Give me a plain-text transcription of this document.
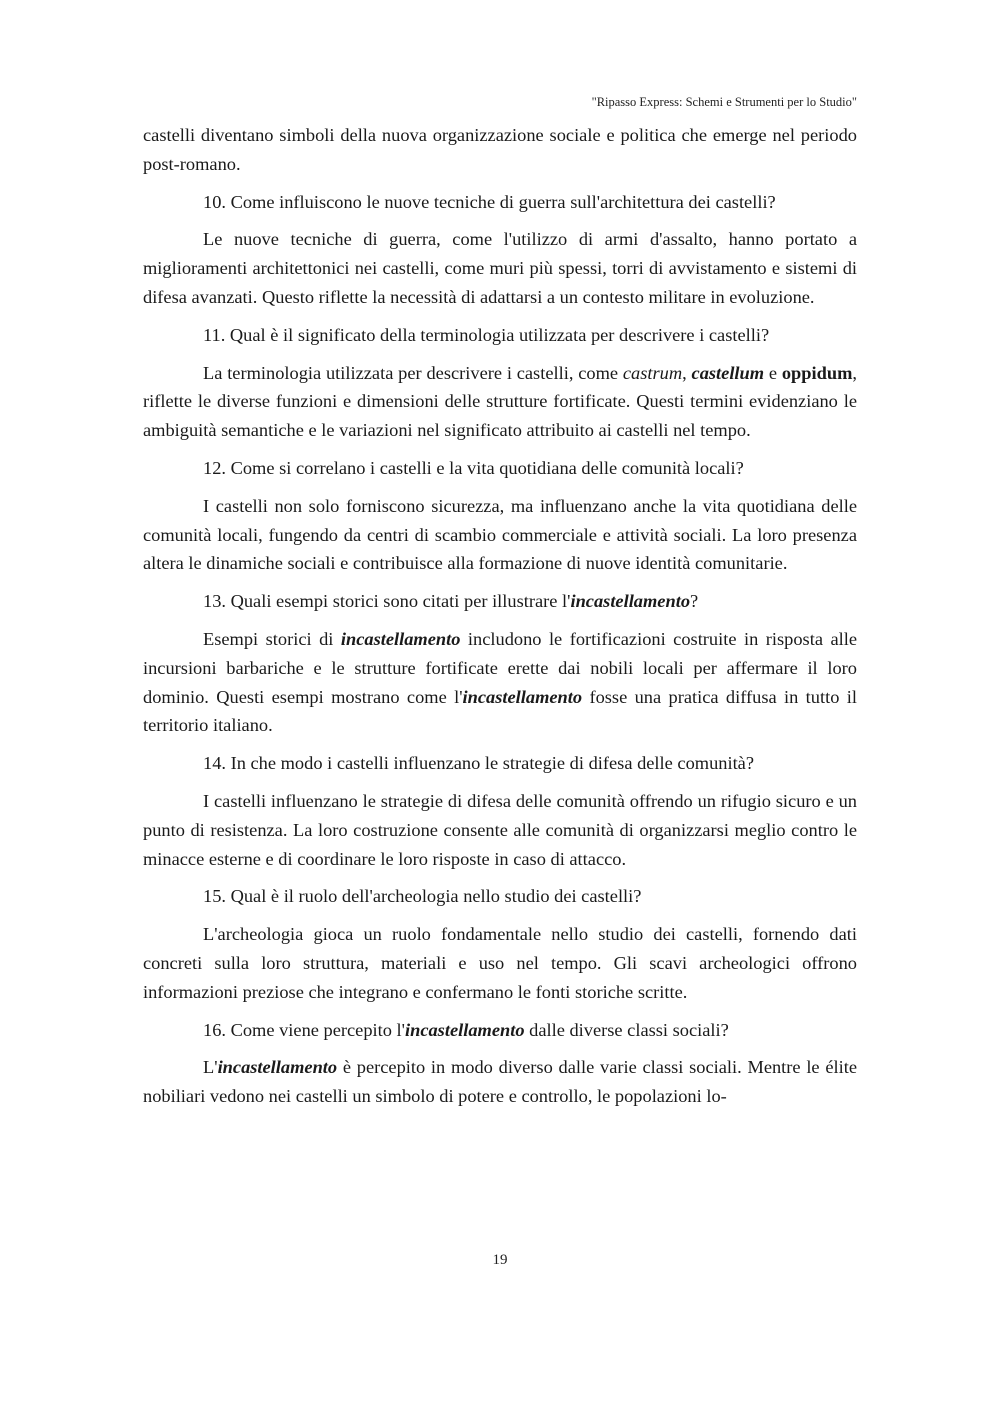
"Ripasso Express: Schemi e Strumenti per lo Studio"

castelli diventano simboli della nuova organizzazione sociale e politica che emerge nel periodo post-romano.

10. Come influiscono le nuove tecniche di guerra sull'architettura dei castelli?

Le nuove tecniche di guerra, come l'utilizzo di armi d'assalto, hanno portato a miglioramenti architettonici nei castelli, come muri più spessi, torri di avvistamento e sistemi di difesa avanzati. Questo riflette la necessità di adattarsi a un contesto militare in evoluzione.

11. Qual è il significato della terminologia utilizzata per descrivere i castelli?

La terminologia utilizzata per descrivere i castelli, come castrum, castellum e oppidum, riflette le diverse funzioni e dimensioni delle strutture fortificate. Questi termini evidenziano le ambiguità semantiche e le variazioni nel significato attribuito ai castelli nel tempo.

12. Come si correlano i castelli e la vita quotidiana delle comunità locali?

I castelli non solo forniscono sicurezza, ma influenzano anche la vita quotidiana delle comunità locali, fungendo da centri di scambio commerciale e attività sociali. La loro presenza altera le dinamiche sociali e contribuisce alla formazione di nuove identità comunitarie.

13. Quali esempi storici sono citati per illustrare l'incastellamento?

Esempi storici di incastellamento includono le fortificazioni costruite in risposta alle incursioni barbariche e le strutture fortificate erette dai nobili locali per affermare il loro dominio. Questi esempi mostrano come l'incastellamento fosse una pratica diffusa in tutto il territorio italiano.

14. In che modo i castelli influenzano le strategie di difesa delle comunità?

I castelli influenzano le strategie di difesa delle comunità offrendo un rifugio sicuro e un punto di resistenza. La loro costruzione consente alle comunità di organizzarsi meglio contro le minacce esterne e di coordinare le loro risposte in caso di attacco.

15. Qual è il ruolo dell'archeologia nello studio dei castelli?

L'archeologia gioca un ruolo fondamentale nello studio dei castelli, fornendo dati concreti sulla loro struttura, materiali e uso nel tempo. Gli scavi archeologici offrono informazioni preziose che integrano e confermano le fonti storiche scritte.

16. Come viene percepito l'incastellamento dalle diverse classi sociali?

L'incastellamento è percepito in modo diverso dalle varie classi sociali. Mentre le élite nobiliari vedono nei castelli un simbolo di potere e controllo, le popolazioni lo-

19
